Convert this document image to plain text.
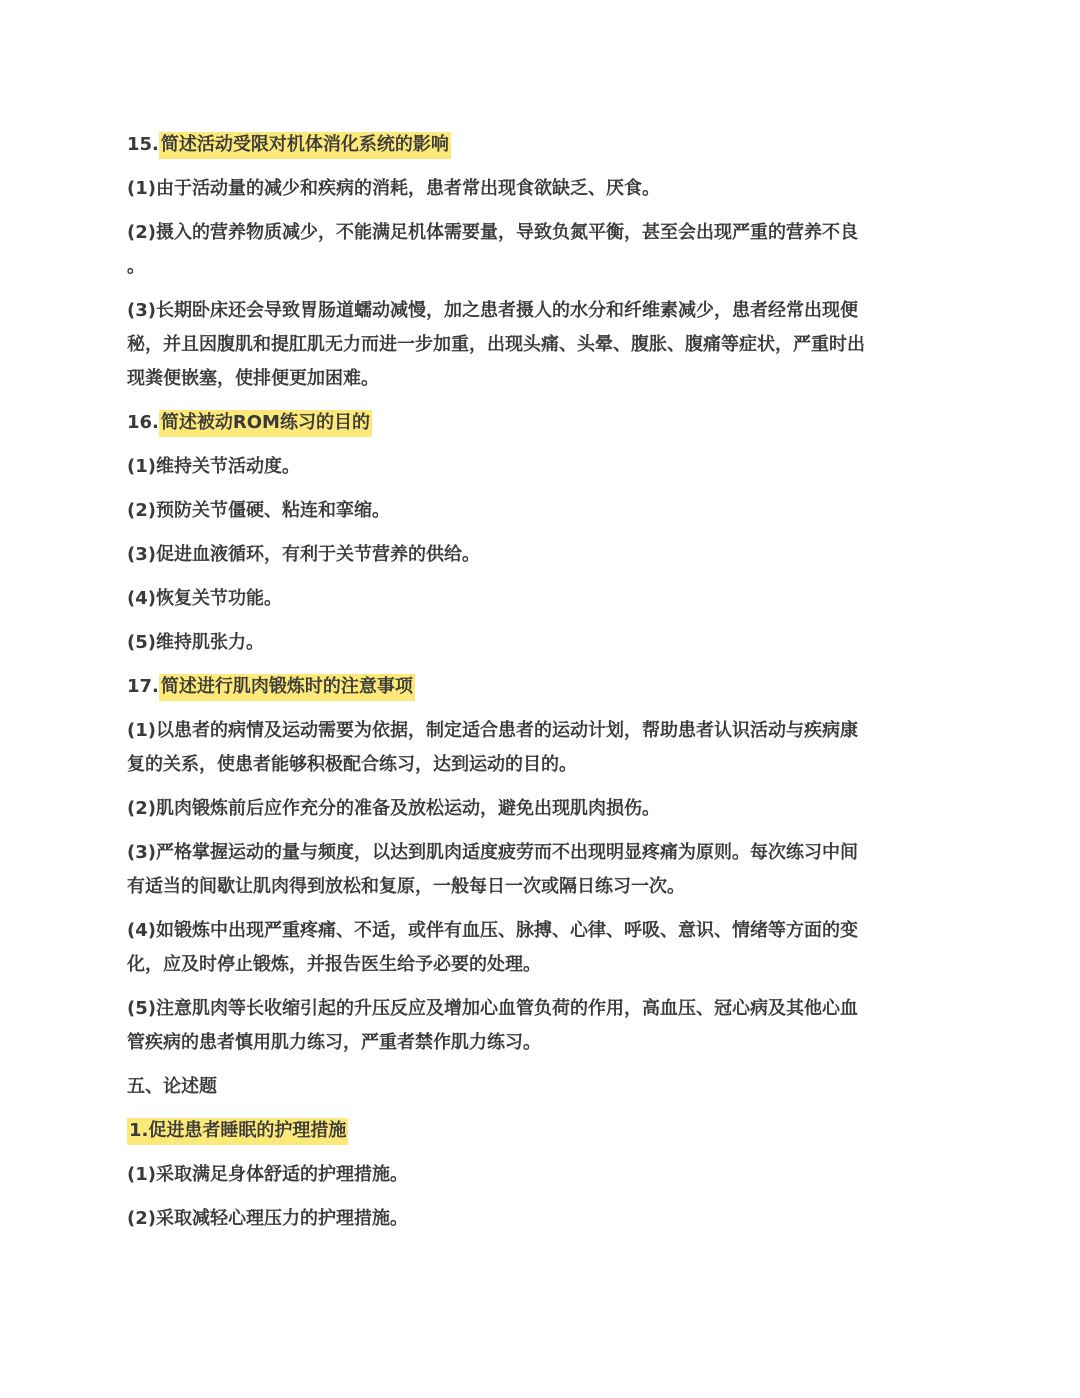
15. 简述活动受限对机体消化系统的影响

(1)由于活动量的减少和疾病的消耗，患者常出现食欲缺乏、厌食。

(2)摄入的营养物质减少，不能满足机体需要量，导致负氮平衡，甚至会出现严重的营养不良

。

(3)长期卧床还会导致胃肠道蠕动减慢，加之患者摄人的水分和纤维素减少，患者经常出现便

秘，并且因腹肌和提肛肌无力而进一步加重，出现头痛、头晕、腹胀、腹痛等症状，严重时出

现粪便嵌塞，使排便更加困难。

16. 简述被动ROM练习的目的

(1)维持关节活动度。

(2)预防关节僵硬、粘连和挛缩。

(3)促进血液循环，有利于关节营养的供给。

(4)恢复关节功能。

(5)维持肌张力。

17. 简述进行肌肉锻炼时的注意事项

(1)以患者的病情及运动需要为依据，制定适合患者的运动计划，帮助患者认识活动与疾病康

复的关系，使患者能够积极配合练习，达到运动的目的。

(2)肌肉锻炼前后应作充分的准备及放松运动，避免出现肌肉损伤。

(3)严格掌握运动的量与频度，以达到肌肉适度疲劳而不出现明显疼痛为原则。每次练习中间

有适当的间歇让肌肉得到放松和复原，一般每日一次或隔日练习一次。

(4)如锻炼中出现严重疼痛、不适，或伴有血压、脉搏、心律、呼吸、意识、情绪等方面的变

化，应及时停止锻炼，并报告医生给予必要的处理。

(5)注意肌肉等长收缩引起的升压反应及增加心血管负荷的作用，高血压、冠心病及其他心血

管疾病的患者慎用肌力练习，严重者禁作肌力练习。

五、论述题

1.促进患者睡眠的护理措施

(1)采取满足身体舒适的护理措施。

(2)采取减轻心理压力的护理措施。
